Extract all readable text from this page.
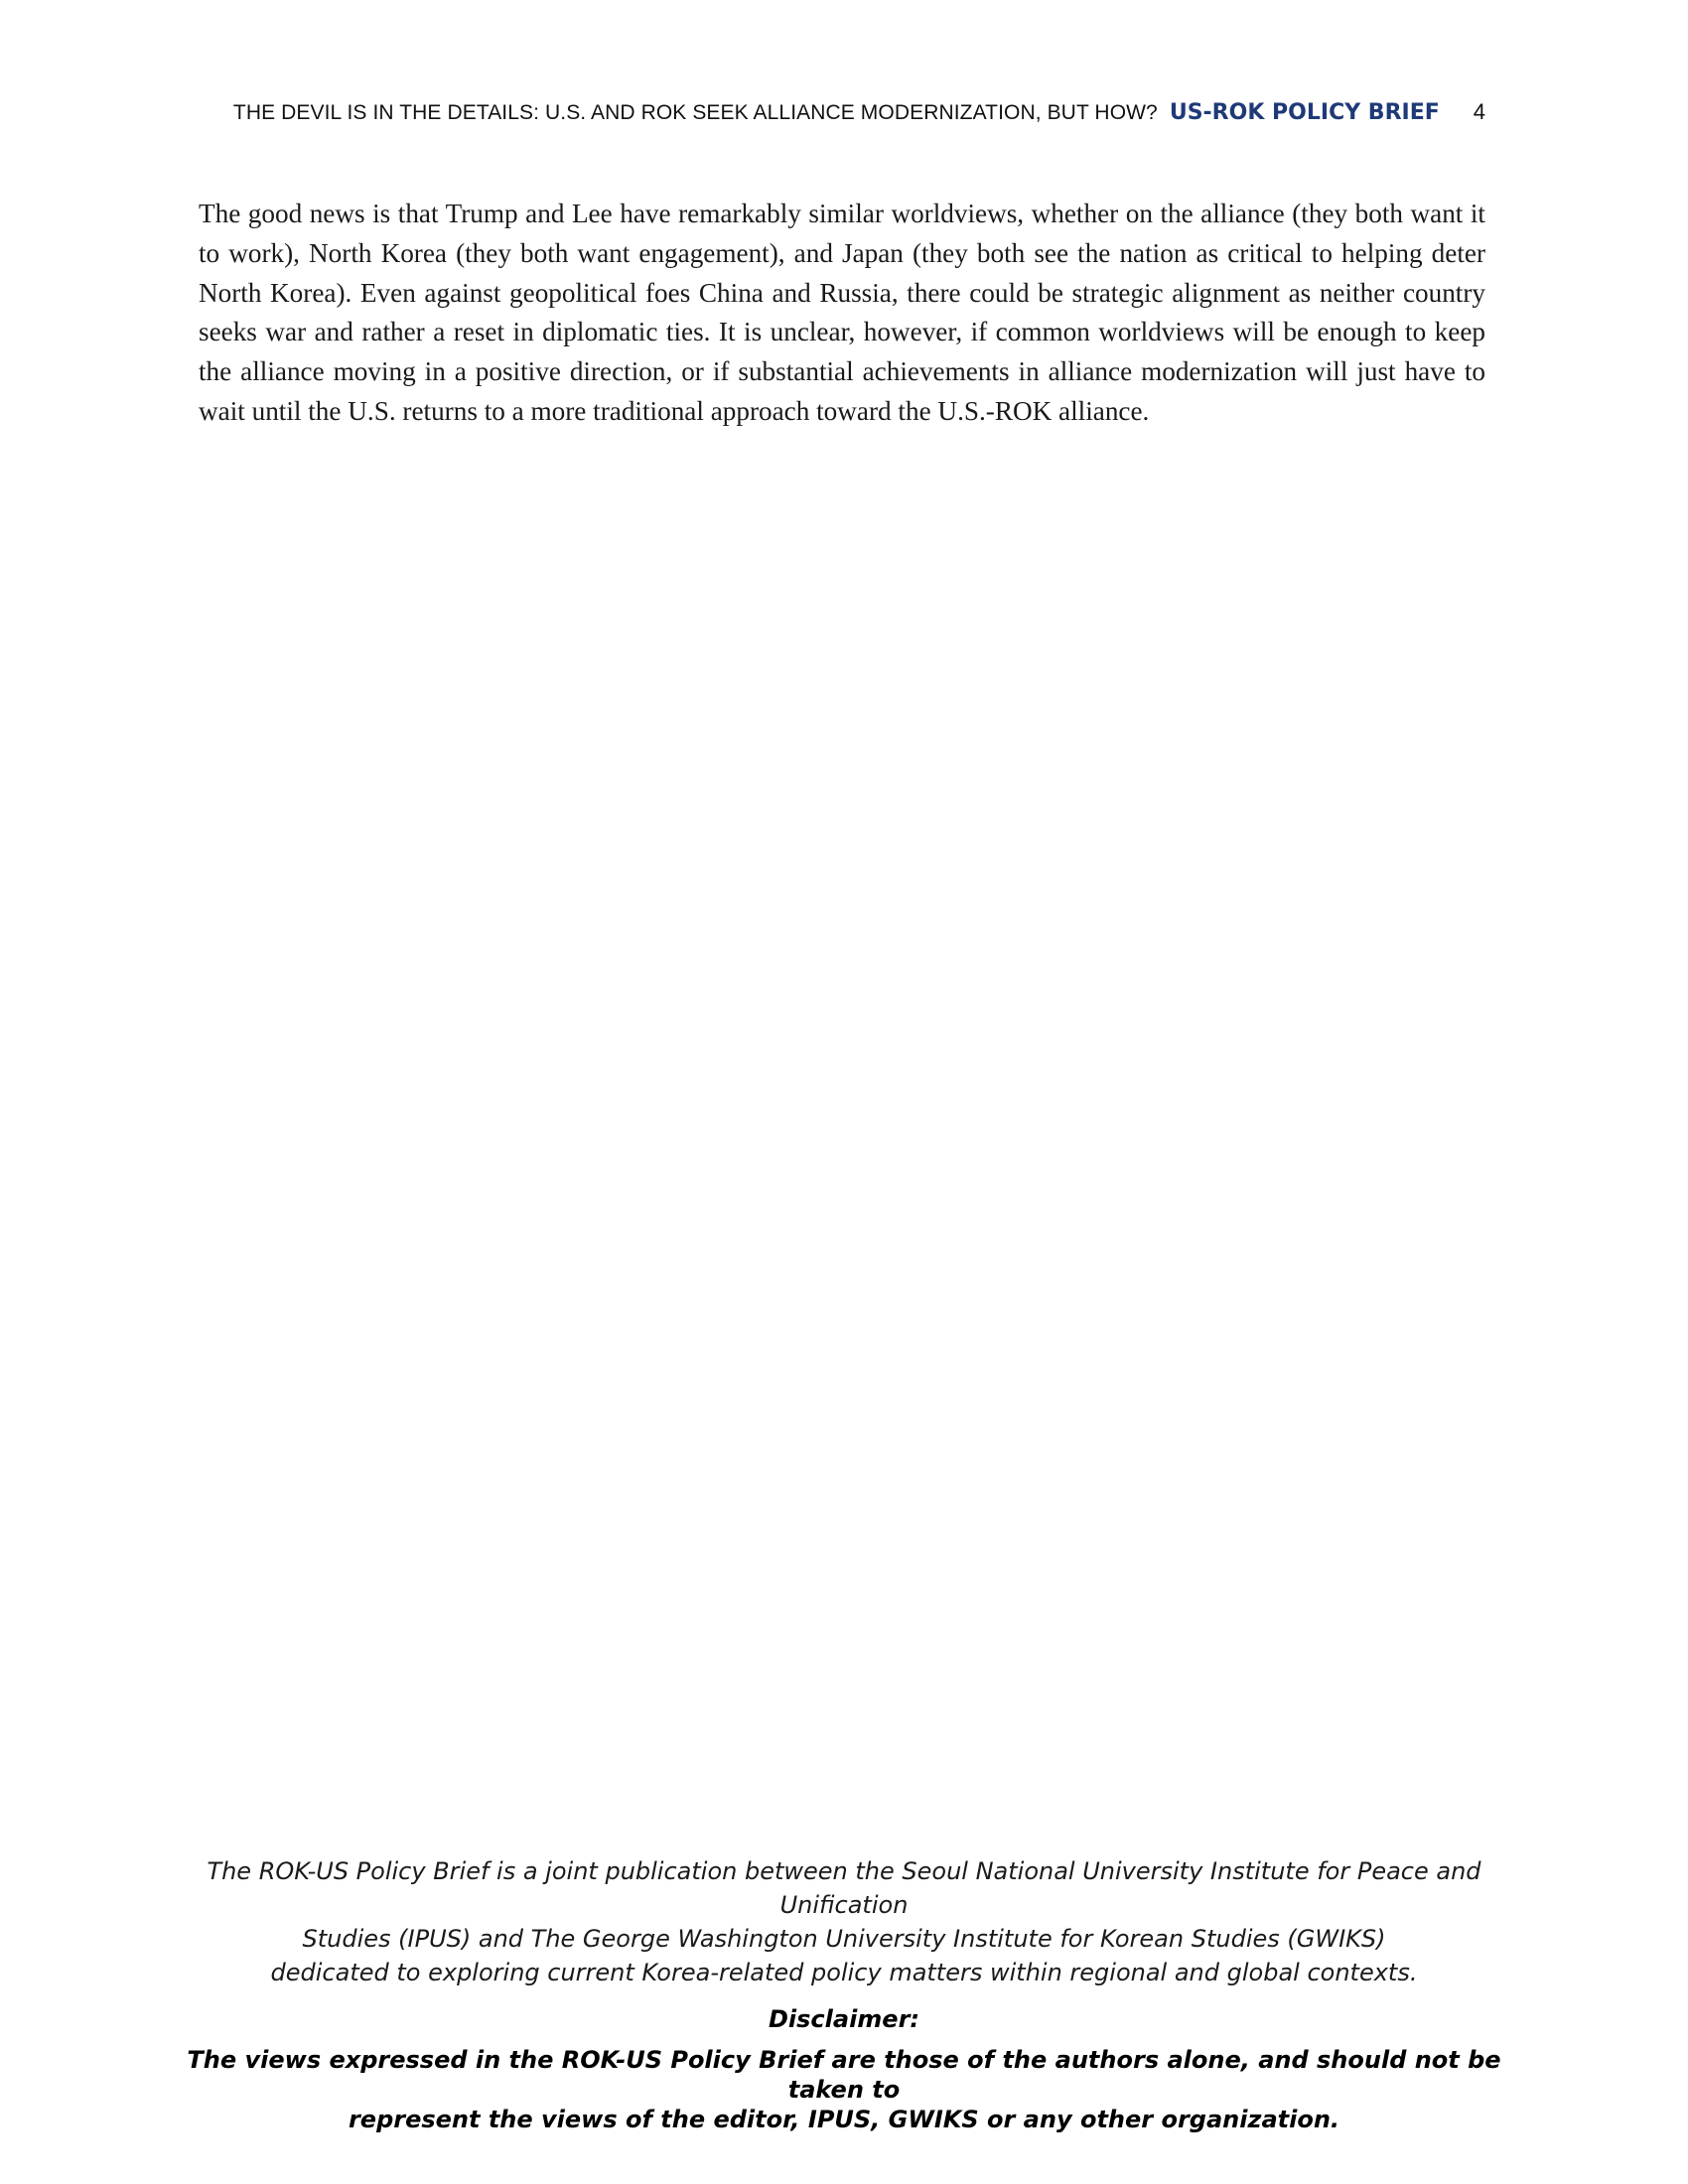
THE DEVIL IS IN THE DETAILS: U.S. AND ROK SEEK ALLIANCE MODERNIZATION, BUT HOW? US-ROK POLICY BRIEF 4

The good news is that Trump and Lee have remarkably similar worldviews, whether on the alliance (they both want it to work), North Korea (they both want engagement), and Japan (they both see the nation as critical to helping deter North Korea). Even against geopolitical foes China and Russia, there could be strategic alignment as neither country seeks war and rather a reset in diplomatic ties. It is unclear, however, if common worldviews will be enough to keep the alliance moving in a positive direction, or if substantial achievements in alliance modernization will just have to wait until the U.S. returns to a more traditional approach toward the U.S.-ROK alliance.

The ROK-US Policy Brief is a joint publication between the Seoul National University Institute for Peace and Unification
Studies (IPUS) and The George Washington University Institute for Korean Studies (GWIKS)
dedicated to exploring current Korea-related policy matters within regional and global contexts.

Disclaimer:

The views expressed in the ROK-US Policy Brief are those of the authors alone, and should not be taken to
represent the views of the editor, IPUS, GWIKS or any other organization.
